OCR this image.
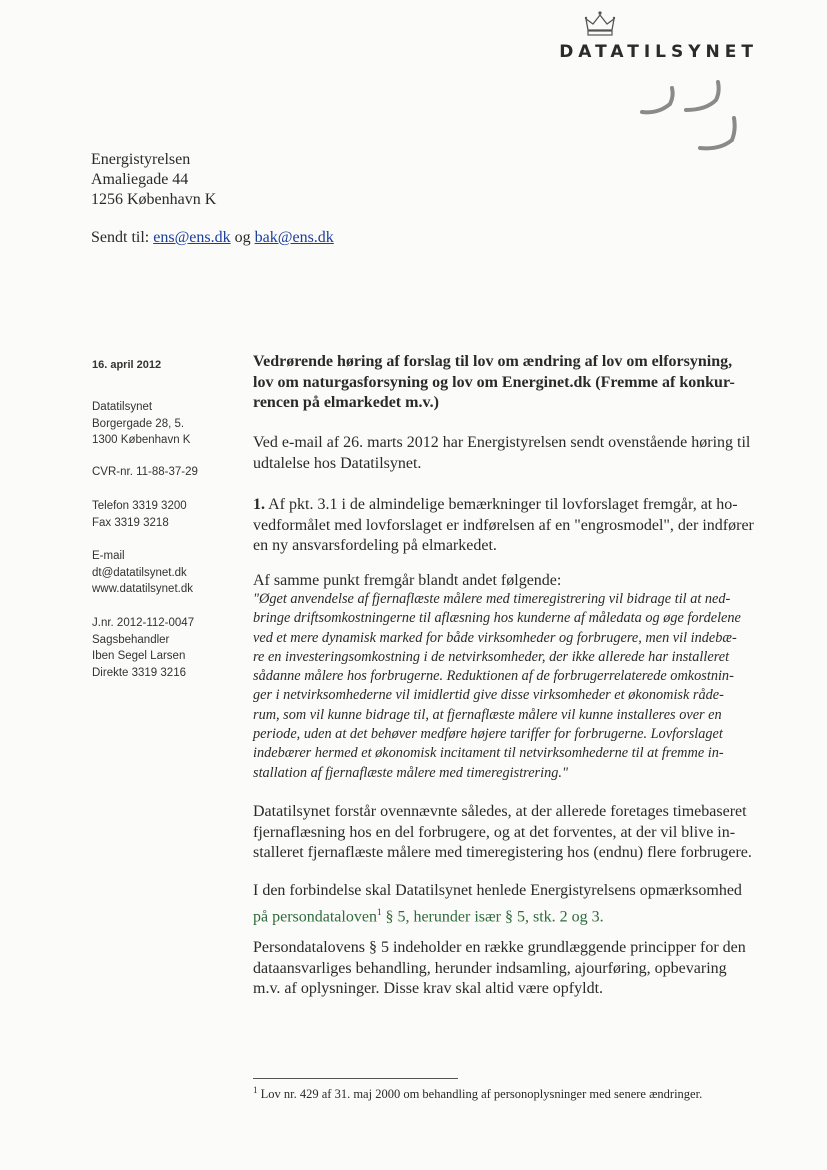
DATATILSYNET
Energistyrelsen
Amaliegade 44
1256 København K
Sendt til: ens@ens.dk og bak@ens.dk
16. april 2012
Datatilsynet
Borgergade 28, 5.
1300 København K
CVR-nr. 11-88-37-29
Telefon 3319 3200
Fax 3319 3218
E-mail
dt@datatilsynet.dk
www.datatilsynet.dk
J.nr. 2012-112-0047
Sagsbehandler
Iben Segel Larsen
Direkte 3319 3216
Vedrørende høring af forslag til lov om ændring af lov om elforsyning,
lov om naturgasforsyning og lov om Energinet.dk (Fremme af konkur-
rencen på elmarkedet m.v.)
Ved e-mail af 26. marts 2012 har Energistyrelsen sendt ovenstående høring til
udtalelse hos Datatilsynet.
1. Af pkt. 3.1 i de almindelige bemærkninger til lovforslaget fremgår, at ho-
vedformålet med lovforslaget er indførelsen af en "engrosmodel", der indfører
en ny ansvarsfordeling på elmarkedet.
Af samme punkt fremgår blandt andet følgende:
"Øget anvendelse af fjernaflæste målere med timeregistrering vil bidrage til at ned-
bringe driftsomkostningerne til aflæsning hos kunderne af måledata og øge fordelene
ved et mere dynamisk marked for både virksomheder og forbrugere, men vil indebæ-
re en investeringsomkostning i de netvirksomheder, der ikke allerede har installeret
sådanne målere hos forbrugerne. Reduktionen af de forbrugerrelaterede omkostnin-
ger i netvirksomhederne vil imidlertid give disse virksomheder et økonomisk råde-
rum, som vil kunne bidrage til, at fjernaflæste målere vil kunne installeres over en
periode, uden at det behøver medføre højere tariffer for forbrugerne. Lovforslaget
indebærer hermed et økonomisk incitament til netvirksomhederne til at fremme in-
stallation af fjernaflæste målere med timeregistrering."
Datatilsynet forstår ovennævnte således, at der allerede foretages timebaseret
fjernaflæsning hos en del forbrugere, og at det forventes, at der vil blive in-
stalleret fjernaflæste målere med timeregistering hos (endnu) flere forbrugere.
I den forbindelse skal Datatilsynet henlede Energistyrelsens opmærksomhed
på persondataloven$^1$ § 5, herunder især § 5, stk. 2 og 3.
Persondatalovens § 5 indeholder en række grundlæggende principper for den
dataansvarliges behandling, herunder indsamling, ajourføring, opbevaring
m.v. af oplysninger. Disse krav skal altid være opfyldt.
$^1$ Lov nr. 429 af 31. maj 2000 om behandling af personoplysninger med senere ændringer.
